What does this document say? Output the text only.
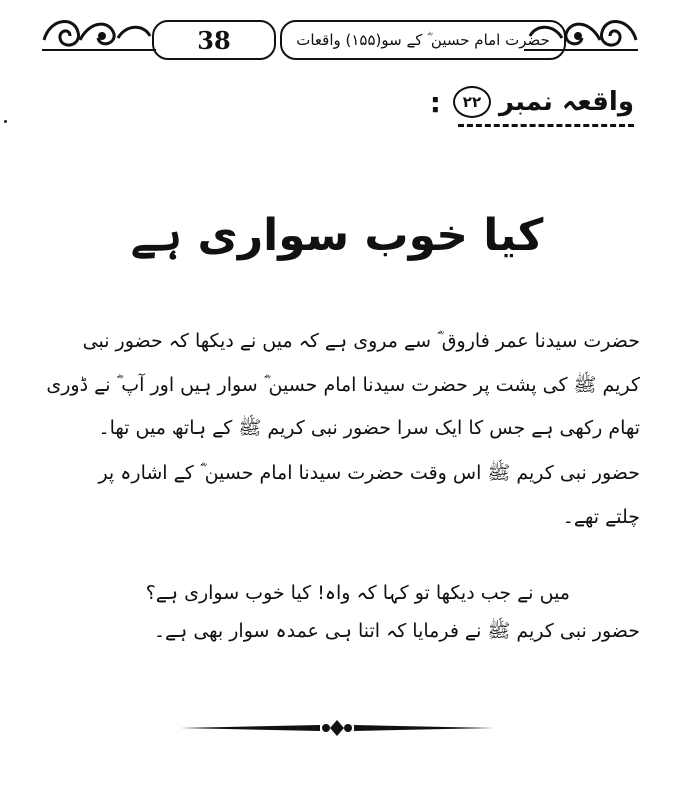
38	حضرت امام حسین ؓ کے سو(۱۵۵) واقعات
واقعہ نمبر
۲۲
:
کیا خوب سواری ہے
حضرت سیدنا عمر فاروق ؓ سے مروی ہے کہ میں نے دیکھا کہ حضور نبی
کریم ﷺ کی پشت پر حضرت سیدنا امام حسین ؓ سوار ہیں اور آپ ؓ نے ڈوری
تھام رکھی ہے جس کا ایک سرا حضور نبی کریم ﷺ کے ہاتھ میں تھا۔
حضور نبی کریم ﷺ اس وقت حضرت سیدنا امام حسین ؓ کے اشارہ پر
چلتے تھے۔
میں نے جب دیکھا تو کہا کہ واہ! کیا خوب سواری ہے؟
حضور نبی کریم ﷺ نے فرمایا کہ اتنا ہی عمدہ سوار بھی ہے۔
